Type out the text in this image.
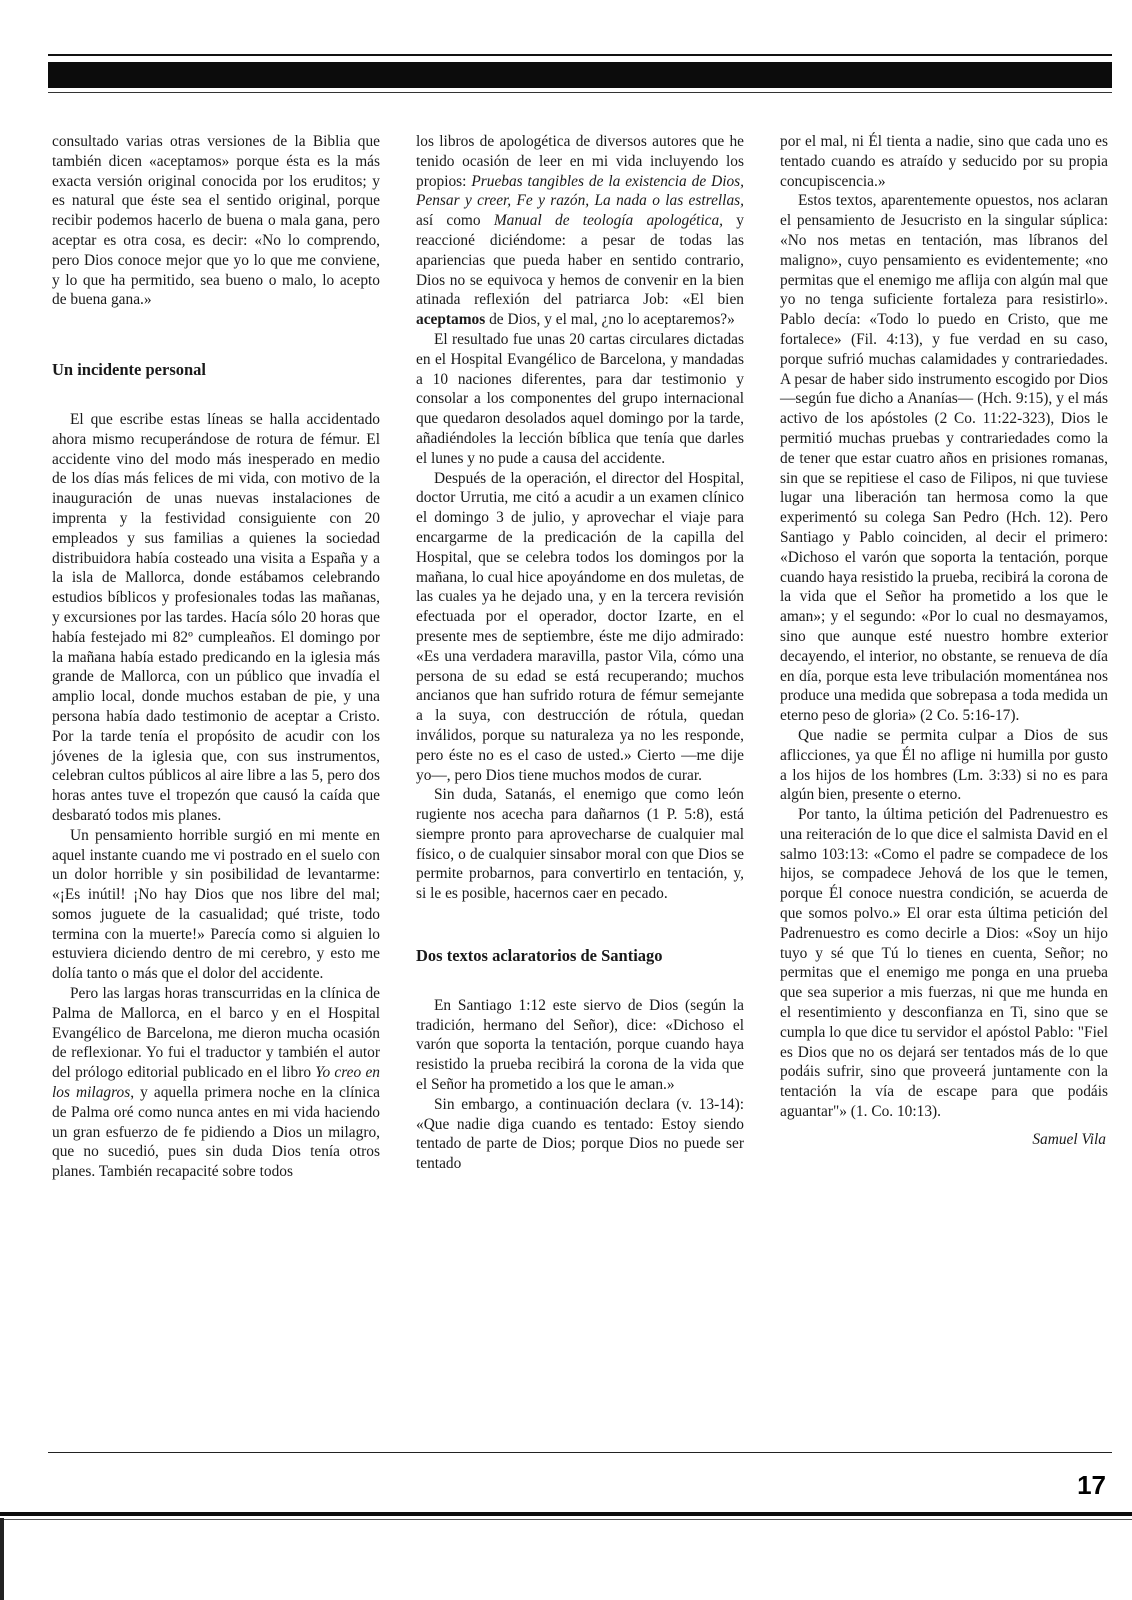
consultado varias otras versiones de la Biblia que también dicen «aceptamos» porque ésta es la más exacta versión original conocida por los eruditos; y es natural que éste sea el sentido original, porque recibir podemos hacerlo de buena o mala gana, pero aceptar es otra cosa, es decir: «No lo comprendo, pero Dios conoce mejor que yo lo que me conviene, y lo que ha permitido, sea bueno o malo, lo acepto de buena gana.»

Un incidente personal

El que escribe estas líneas se halla accidentado ahora mismo recuperándose de rotura de fémur. El accidente vino del modo más inesperado en medio de los días más felices de mi vida, con motivo de la inauguración de unas nuevas instalaciones de imprenta y la festividad consiguiente con 20 empleados y sus familias a quienes la sociedad distribuidora había costeado una visita a España y a la isla de Mallorca, donde estábamos celebrando estudios bíblicos y profesionales todas las mañanas, y excursiones por las tardes. Hacía sólo 20 horas que había festejado mi 82º cumpleaños. El domingo por la mañana había estado predicando en la iglesia más grande de Mallorca, con un público que invadía el amplio local, donde muchos estaban de pie, y una persona había dado testimonio de aceptar a Cristo. Por la tarde tenía el propósito de acudir con los jóvenes de la iglesia que, con sus instrumentos, celebran cultos públicos al aire libre a las 5, pero dos horas antes tuve el tropezón que causó la caída que desbarató todos mis planes.

Un pensamiento horrible surgió en mi mente en aquel instante cuando me vi postrado en el suelo con un dolor horrible y sin posibilidad de levantarme: «¡Es inútil! ¡No hay Dios que nos libre del mal; somos juguete de la casualidad; qué triste, todo termina con la muerte!» Parecía como si alguien lo estuviera diciendo dentro de mi cerebro, y esto me dolía tanto o más que el dolor del accidente.

Pero las largas horas transcurridas en la clínica de Palma de Mallorca, en el barco y en el Hospital Evangélico de Barcelona, me dieron mucha ocasión de reflexionar. Yo fui el traductor y también el autor del prólogo editorial publicado en el libro Yo creo en los milagros, y aquella primera noche en la clínica de Palma oré como nunca antes en mi vida haciendo un gran esfuerzo de fe pidiendo a Dios un milagro, que no sucedió, pues sin duda Dios tenía otros planes. También recapacité sobre todos

los libros de apologética de diversos autores que he tenido ocasión de leer en mi vida incluyendo los propios: Pruebas tangibles de la existencia de Dios, Pensar y creer, Fe y razón, La nada o las estrellas, así como Manual de teología apologética, y reaccioné diciéndome: a pesar de todas las apariencias que pueda haber en sentido contrario, Dios no se equivoca y hemos de convenir en la bien atinada reflexión del patriarca Job: «El bien aceptamos de Dios, y el mal, ¿no lo aceptaremos?»

El resultado fue unas 20 cartas circulares dictadas en el Hospital Evangélico de Barcelona, y mandadas a 10 naciones diferentes, para dar testimonio y consolar a los componentes del grupo internacional que quedaron desolados aquel domingo por la tarde, añadiéndoles la lección bíblica que tenía que darles el lunes y no pude a causa del accidente.

Después de la operación, el director del Hospital, doctor Urrutia, me citó a acudir a un examen clínico el domingo 3 de julio, y aprovechar el viaje para encargarme de la predicación de la capilla del Hospital, que se celebra todos los domingos por la mañana, lo cual hice apoyándome en dos muletas, de las cuales ya he dejado una, y en la tercera revisión efectuada por el operador, doctor Izarte, en el presente mes de septiembre, éste me dijo admirado: «Es una verdadera maravilla, pastor Vila, cómo una persona de su edad se está recuperando; muchos ancianos que han sufrido rotura de fémur semejante a la suya, con destrucción de rótula, quedan inválidos, porque su naturaleza ya no les responde, pero éste no es el caso de usted.» Cierto —me dije yo—, pero Dios tiene muchos modos de curar.

Sin duda, Satanás, el enemigo que como león rugiente nos acecha para dañarnos (1 P. 5:8), está siempre pronto para aprovecharse de cualquier mal físico, o de cualquier sinsabor moral con que Dios se permite probarnos, para convertirlo en tentación, y, si le es posible, hacernos caer en pecado.

Dos textos aclaratorios de Santiago

En Santiago 1:12 este siervo de Dios (según la tradición, hermano del Señor), dice: «Dichoso el varón que soporta la tentación, porque cuando haya resistido la prueba recibirá la corona de la vida que el Señor ha prometido a los que le aman.»

Sin embargo, a continuación declara (v. 13-14): «Que nadie diga cuando es tentado: Estoy siendo tentado de parte de Dios; porque Dios no puede ser tentado

por el mal, ni Él tienta a nadie, sino que cada uno es tentado cuando es atraído y seducido por su propia concupiscencia.»

Estos textos, aparentemente opuestos, nos aclaran el pensamiento de Jesucristo en la singular súplica: «No nos metas en tentación, mas líbranos del maligno», cuyo pensamiento es evidentemente; «no permitas que el enemigo me aflija con algún mal que yo no tenga suficiente fortaleza para resistirlo». Pablo decía: «Todo lo puedo en Cristo, que me fortalece» (Fil. 4:13), y fue verdad en su caso, porque sufrió muchas calamidades y contrariedades. A pesar de haber sido instrumento escogido por Dios —según fue dicho a Ananías— (Hch. 9:15), y el más activo de los apóstoles (2 Co. 11:22-323), Dios le permitió muchas pruebas y contrariedades como la de tener que estar cuatro años en prisiones romanas, sin que se repitiese el caso de Filipos, ni que tuviese lugar una liberación tan hermosa como la que experimentó su colega San Pedro (Hch. 12). Pero Santiago y Pablo coinciden, al decir el primero: «Dichoso el varón que soporta la tentación, porque cuando haya resistido la prueba, recibirá la corona de la vida que el Señor ha prometido a los que le aman»; y el segundo: «Por lo cual no desmayamos, sino que aunque esté nuestro hombre exterior decayendo, el interior, no obstante, se renueva de día en día, porque esta leve tribulación momentánea nos produce una medida que sobrepasa a toda medida un eterno peso de gloria» (2 Co. 5:16-17).

Que nadie se permita culpar a Dios de sus aflicciones, ya que Él no aflige ni humilla por gusto a los hijos de los hombres (Lm. 3:33) si no es para algún bien, presente o eterno.

Por tanto, la última petición del Padrenuestro es una reiteración de lo que dice el salmista David en el salmo 103:13: «Como el padre se compadece de los hijos, se compadece Jehová de los que le temen, porque Él conoce nuestra condición, se acuerda de que somos polvo.» El orar esta última petición del Padrenuestro es como decirle a Dios: «Soy un hijo tuyo y sé que Tú lo tienes en cuenta, Señor; no permitas que el enemigo me ponga en una prueba que sea superior a mis fuerzas, ni que me hunda en el resentimiento y desconfianza en Ti, sino que se cumpla lo que dice tu servidor el apóstol Pablo: "Fiel es Dios que no os dejará ser tentados más de lo que podáis sufrir, sino que proveerá juntamente con la tentación la vía de escape para que podáis aguantar"» (1. Co. 10:13).

Samuel Vila
17
